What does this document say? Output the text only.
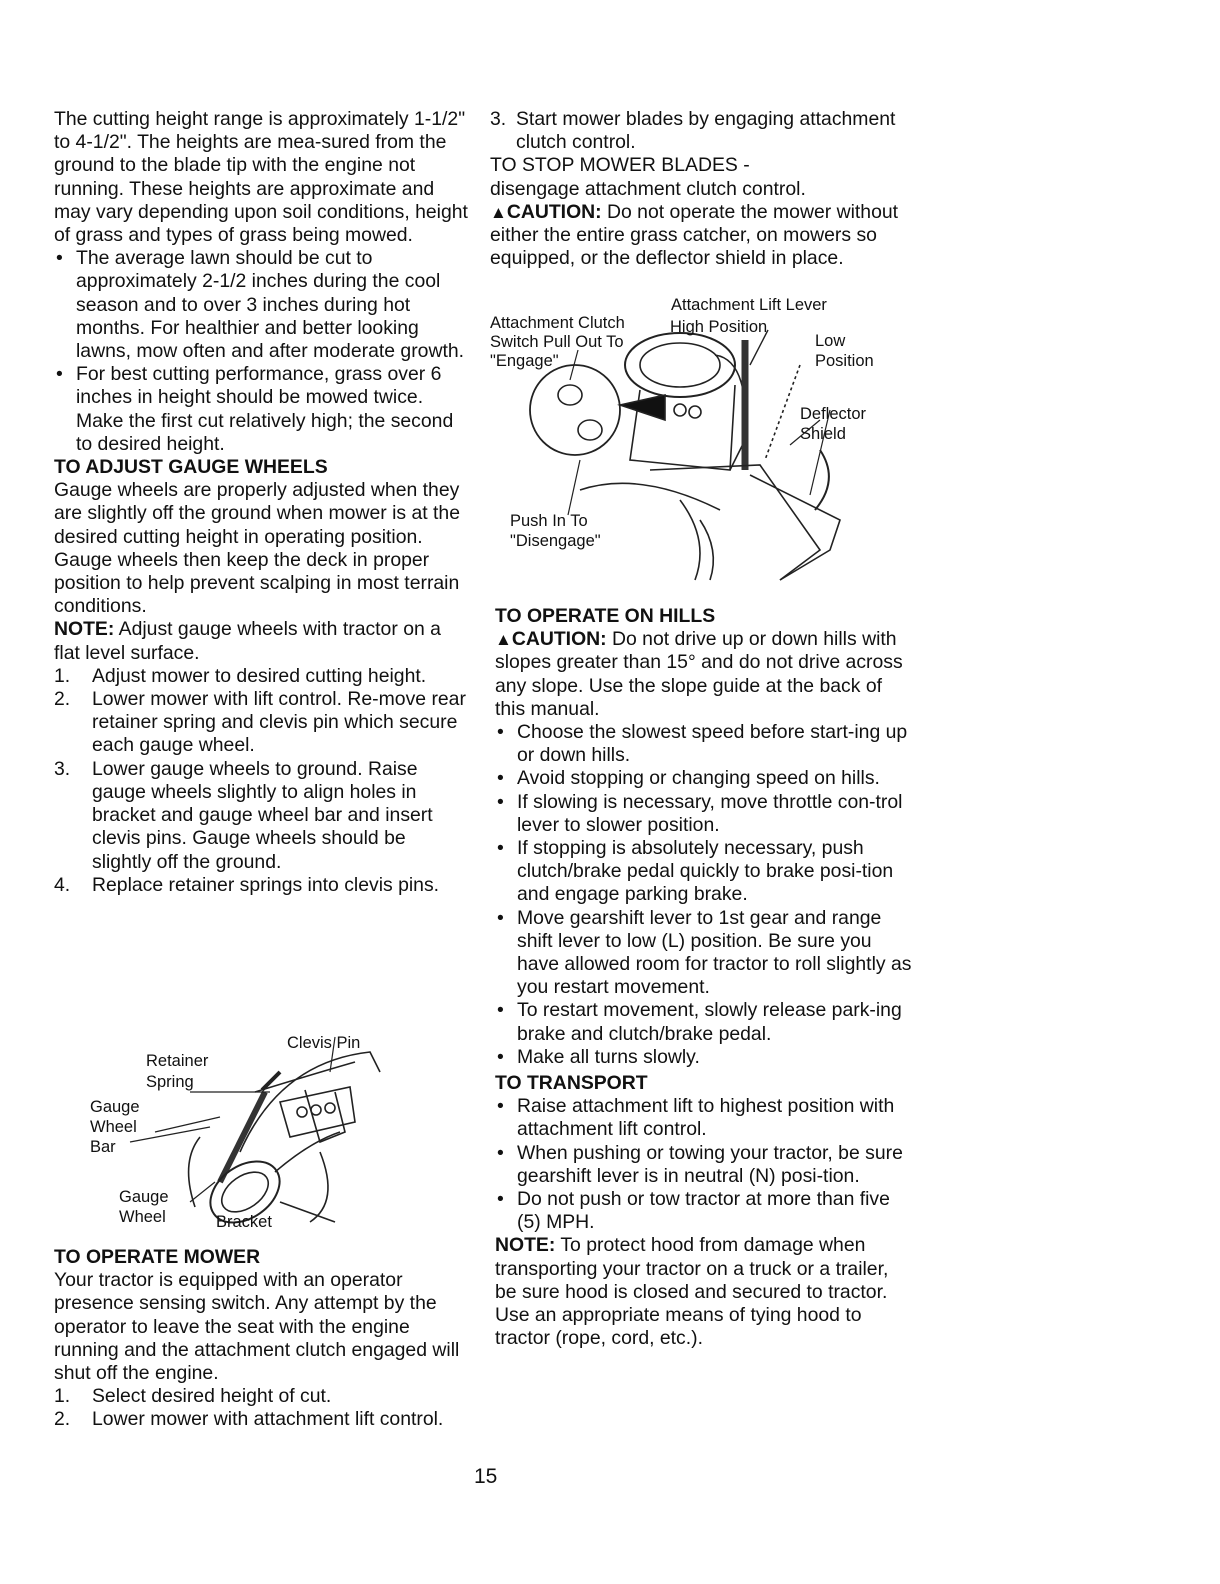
The cutting height range is approximately 1-1/2" to 4-1/2". The heights are mea-sured from the ground to the blade tip with the engine not running. These heights are approximate and may vary depending upon soil conditions, height of grass and types of grass being mowed.

• The average lawn should be cut to approximately 2-1/2 inches during the cool season and to over 3 inches during hot months. For healthier and better looking lawns, mow often and after moderate growth.

• For best cutting performance, grass over 6 inches in height should be mowed twice. Make the first cut relatively high; the second to desired height.

TO ADJUST GAUGE WHEELS

Gauge wheels are properly adjusted when they are slightly off the ground when mower is at the desired cutting height in operating position. Gauge wheels then keep the deck in proper position to help prevent scalping in most terrain conditions.

NOTE: Adjust gauge wheels with tractor on a flat level surface.

1. Adjust mower to desired cutting height.

2. Lower mower with lift control. Re-move rear retainer spring and clevis pin which secure each gauge wheel.

3. Lower gauge wheels to ground. Raise gauge wheels slightly to align holes in bracket and gauge wheel bar and insert clevis pins. Gauge wheels should be slightly off the ground.

4. Replace retainer springs into clevis pins.

Clevis Pin
Retainer
Spring
Gauge
Wheel
Bar
Gauge
Wheel	Bracket
TO OPERATE MOWER

Your tractor is equipped with an operator presence sensing switch. Any attempt by the operator to leave the seat with the engine running and the attachment clutch engaged will shut off the engine.

1. Select desired height of cut.

2. Lower mower with attachment lift control.

3. Start mower blades by engaging attachment clutch control.

TO STOP MOWER BLADES -

disengage attachment clutch control.

▲CAUTION: Do not operate the mower without either the entire grass catcher, on mowers so equipped, or the deflector shield in place.

Attachment Lift Lever
High Position
Attachment Clutch
Switch Pull Out To
"Engage"
Low
Position
Deflector
Shield
Push In To
"Disengage"
TO OPERATE ON HILLS

▲CAUTION: Do not drive up or down hills with slopes greater than 15° and do not drive across any slope. Use the slope guide at the back of this manual.

• Choose the slowest speed before start-ing up or down hills.

• Avoid stopping or changing speed on hills.

• If slowing is necessary, move throttle con-trol lever to slower position.

• If stopping is absolutely necessary, push clutch/brake pedal quickly to brake posi-tion and engage parking brake.

• Move gearshift lever to 1st gear and range shift lever to low (L) position. Be sure you have allowed room for tractor to roll slightly as you restart movement.

• To restart movement, slowly release park-ing brake and clutch/brake pedal.

• Make all turns slowly.

TO TRANSPORT

• Raise attachment lift to highest position with attachment lift control.

• When pushing or towing your tractor, be sure gearshift lever is in neutral (N) posi-tion.

• Do not push or tow tractor at more than five (5) MPH.

NOTE: To protect hood from damage when transporting your tractor on a truck or a trailer, be sure hood is closed and secured to tractor. Use an appropriate means of tying hood to tractor (rope, cord, etc.).

15
